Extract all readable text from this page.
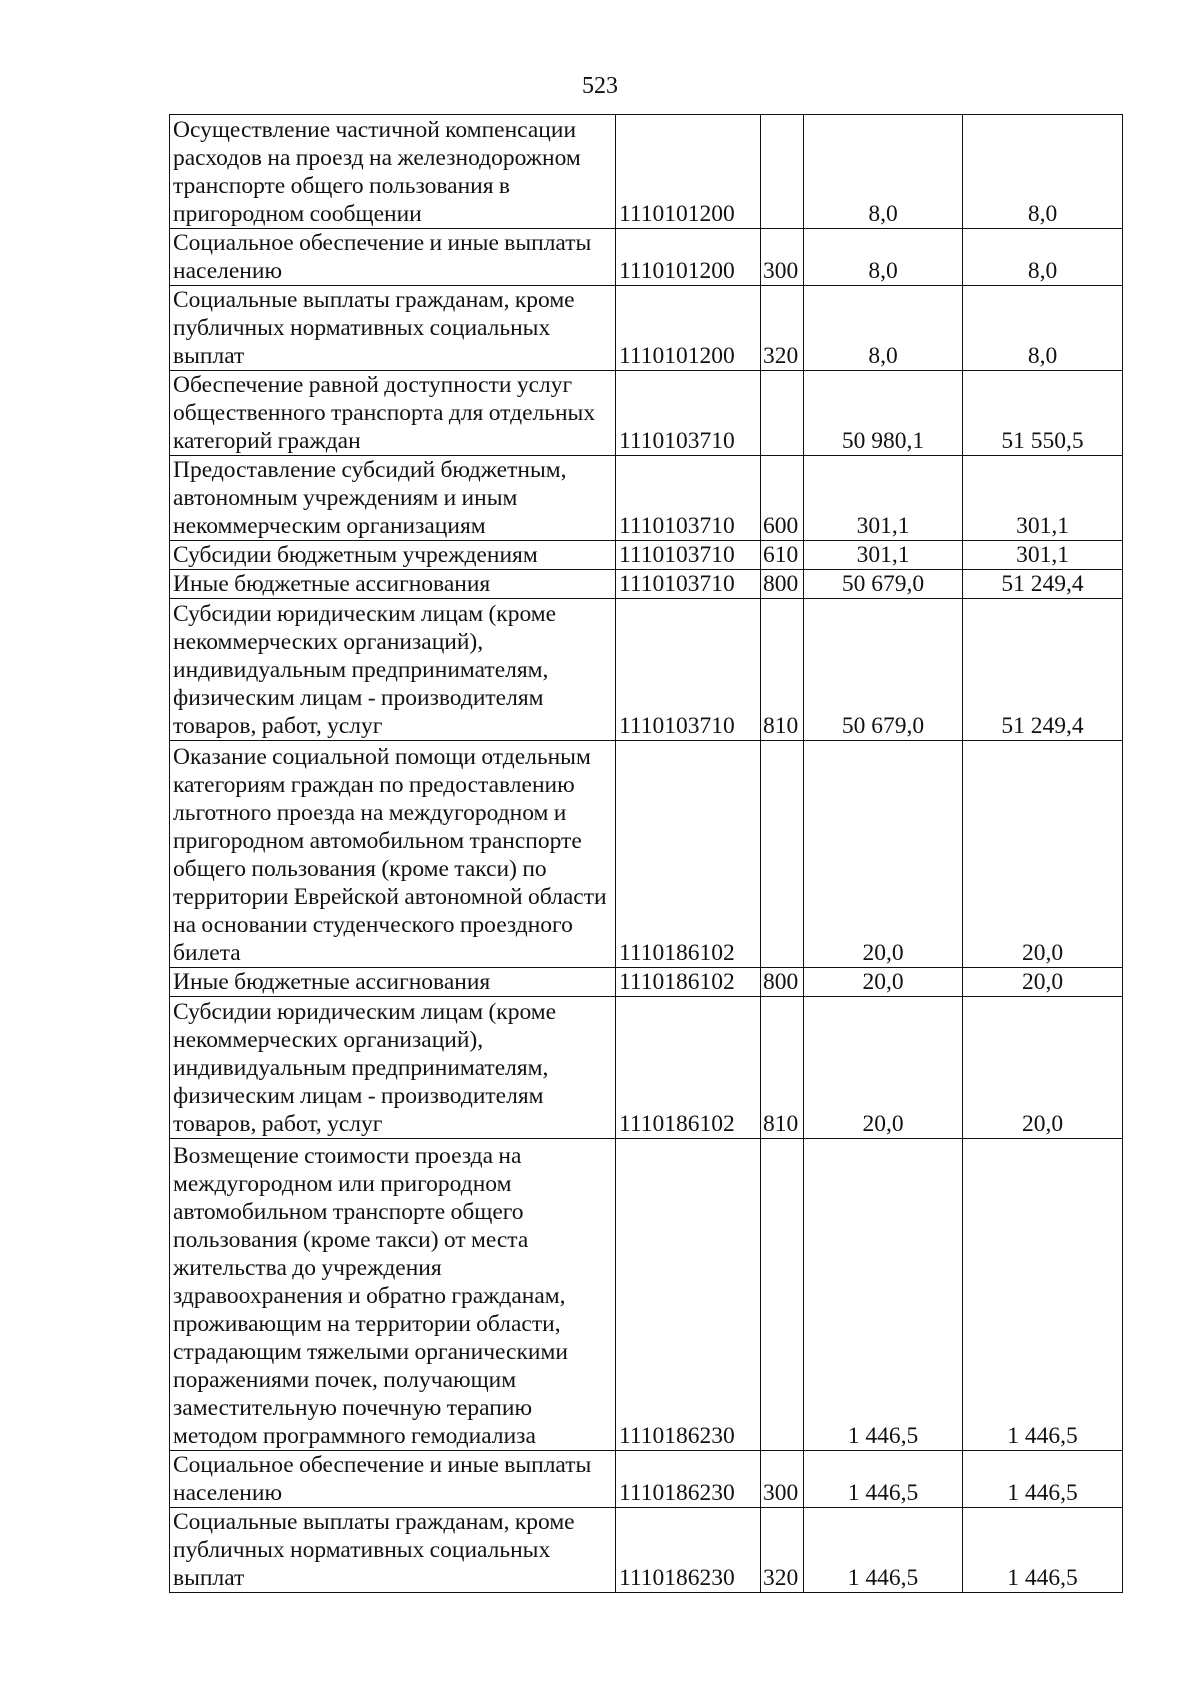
523
Осуществление частичной компенсации расходов на проезд на железнодорожном транспорте общего пользования в пригородном сообщении	1110101200		8,0	8,0
Социальное обеспечение и иные выплаты населению	1110101200	300	8,0	8,0
Социальные выплаты гражданам, кроме публичных нормативных социальных выплат	1110101200	320	8,0	8,0
Обеспечение равной доступности услуг общественного транспорта для отдельных категорий граждан	1110103710		50 980,1	51 550,5
Предоставление субсидий бюджетным, автономным учреждениям и иным некоммерческим организациям	1110103710	600	301,1	301,1
Субсидии бюджетным учреждениям	1110103710	610	301,1	301,1
Иные бюджетные ассигнования	1110103710	800	50 679,0	51 249,4
Субсидии юридическим лицам (кроме некоммерческих организаций), индивидуальным предпринимателям, физическим лицам - производителям товаров, работ, услуг	1110103710	810	50 679,0	51 249,4
Оказание социальной помощи отдельным категориям граждан по предоставлению льготного проезда на междугородном и пригородном автомобильном транспорте общего пользования (кроме такси) по территории Еврейской автономной области на основании студенческого проездного билета	1110186102		20,0	20,0
Иные бюджетные ассигнования	1110186102	800	20,0	20,0
Субсидии юридическим лицам (кроме некоммерческих организаций), индивидуальным предпринимателям, физическим лицам - производителям товаров, работ, услуг	1110186102	810	20,0	20,0
Возмещение стоимости проезда на междугородном или пригородном автомобильном транспорте общего пользования (кроме такси) от места жительства до учреждения здравоохранения и обратно гражданам, проживающим на территории области, страдающим тяжелыми органическими поражениями почек, получающим заместительную почечную терапию методом программного гемодиализа	1110186230		1 446,5	1 446,5
Социальное обеспечение и иные выплаты населению	1110186230	300	1 446,5	1 446,5
Социальные выплаты гражданам, кроме публичных нормативных социальных выплат	1110186230	320	1 446,5	1 446,5
